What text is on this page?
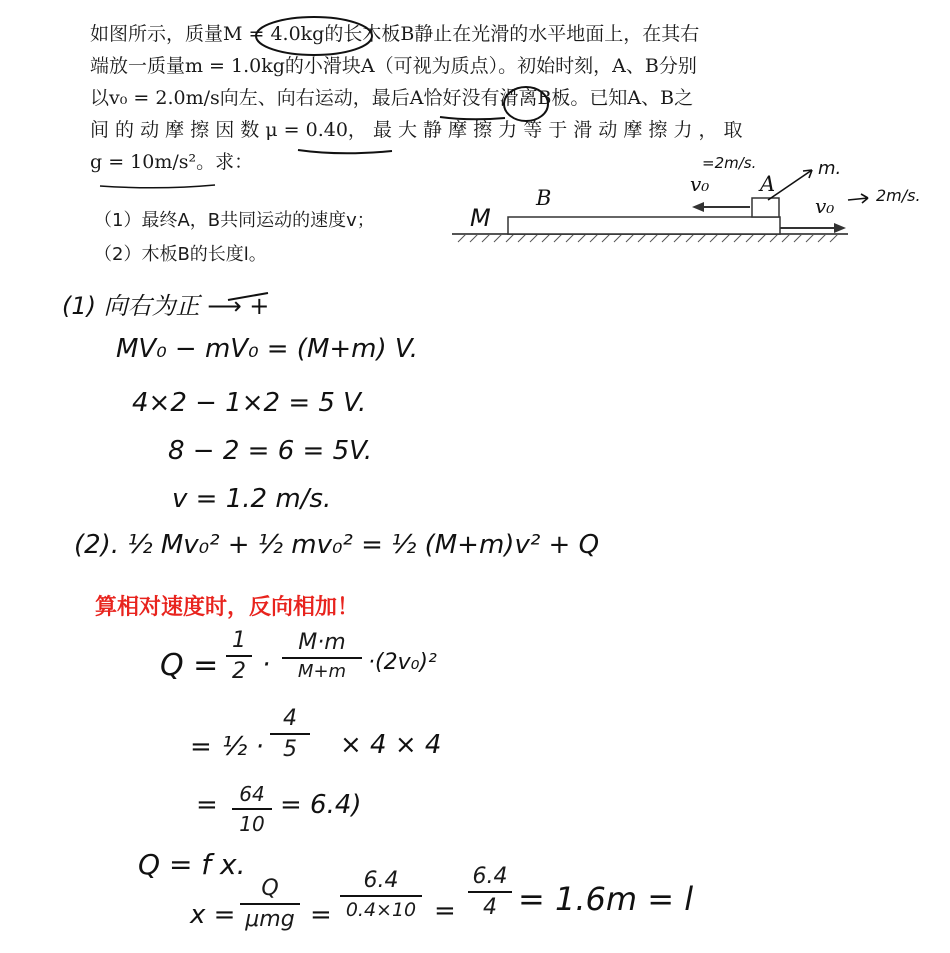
如图所示，质量M = 4.0kg的长木板B静止在光滑的水平地面上，在其右
端放一质量m = 1.0kg的小滑块A（可视为质点）。初始时刻，A、B分别
以v₀ = 2.0m/s向左、向右运动，最后A恰好没有滑离B板。已知A、B之
间 的 动 摩 擦 因 数 μ = 0.40， 最 大 静 摩 擦 力 等 于 滑 动 摩 擦 力 ， 取
g = 10m/s²。求：
（1）最终A，B共同运动的速度v；
（2）木板B的长度l。
M
B
A
v₀
v₀
=2m/s.	m.
2m/s.
(1) 向右为正 ⟶ +
MV₀ − mV₀ = (M+m) V.
4×2 − 1×2 = 5 V.
8 − 2 = 6 = 5V.
v = 1.2 m/s.
(2). ½ Mv₀² + ½ mv₀² = ½ (M+m)v² + Q
算相对速度时，反向相加！
Q =
1
2 ·
M·m
M+m ·(2v₀)²
= ½ ·
4
5	× 4 × 4
=	64
10
= 6.4)
Q = f x.
x =
Q
μmg =
6.4
0.4×10 =
6.4
4 = 1.6m = l
